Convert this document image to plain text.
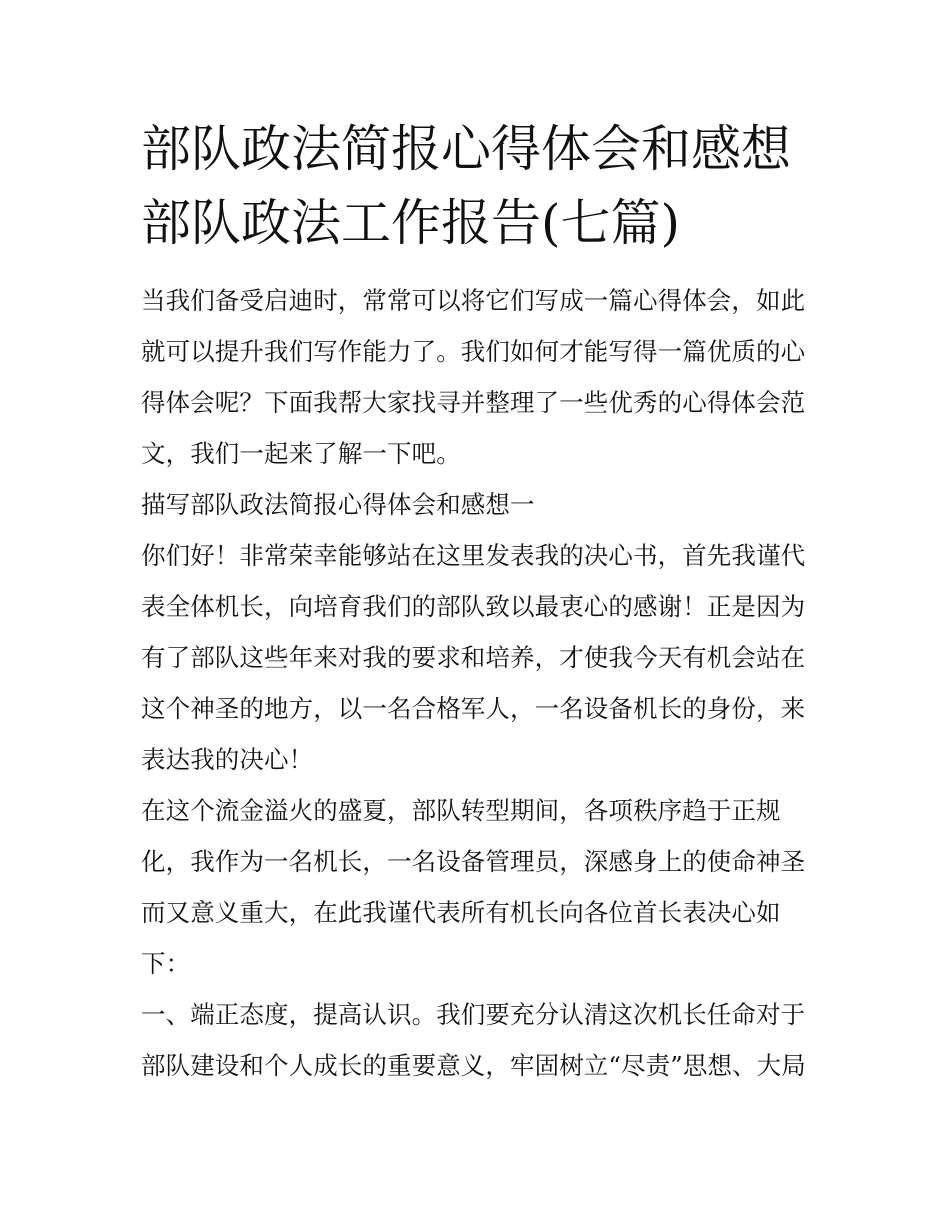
部队政法简报心得体会和感想
部队政法工作报告(七篇)
当我们备受启迪时，常常可以将它们写成一篇心得体会，如此
就可以提升我们写作能力了。我们如何才能写得一篇优质的心
得体会呢？下面我帮大家找寻并整理了一些优秀的心得体会范
文，我们一起来了解一下吧。
描写部队政法简报心得体会和感想一
你们好！非常荣幸能够站在这里发表我的决心书，首先我谨代
表全体机长，向培育我们的部队致以最衷心的感谢！正是因为
有了部队这些年来对我的要求和培养，才使我今天有机会站在
这个神圣的地方，以一名合格军人，一名设备机长的身份，来
表达我的决心！
在这个流金溢火的盛夏，部队转型期间，各项秩序趋于正规
化，我作为一名机长，一名设备管理员，深感身上的使命神圣
而又意义重大，在此我谨代表所有机长向各位首长表决心如
下：
一、端正态度，提高认识。我们要充分认清这次机长任命对于
部队建设和个人成长的重要意义，牢固树立“尽责”思想、大局
